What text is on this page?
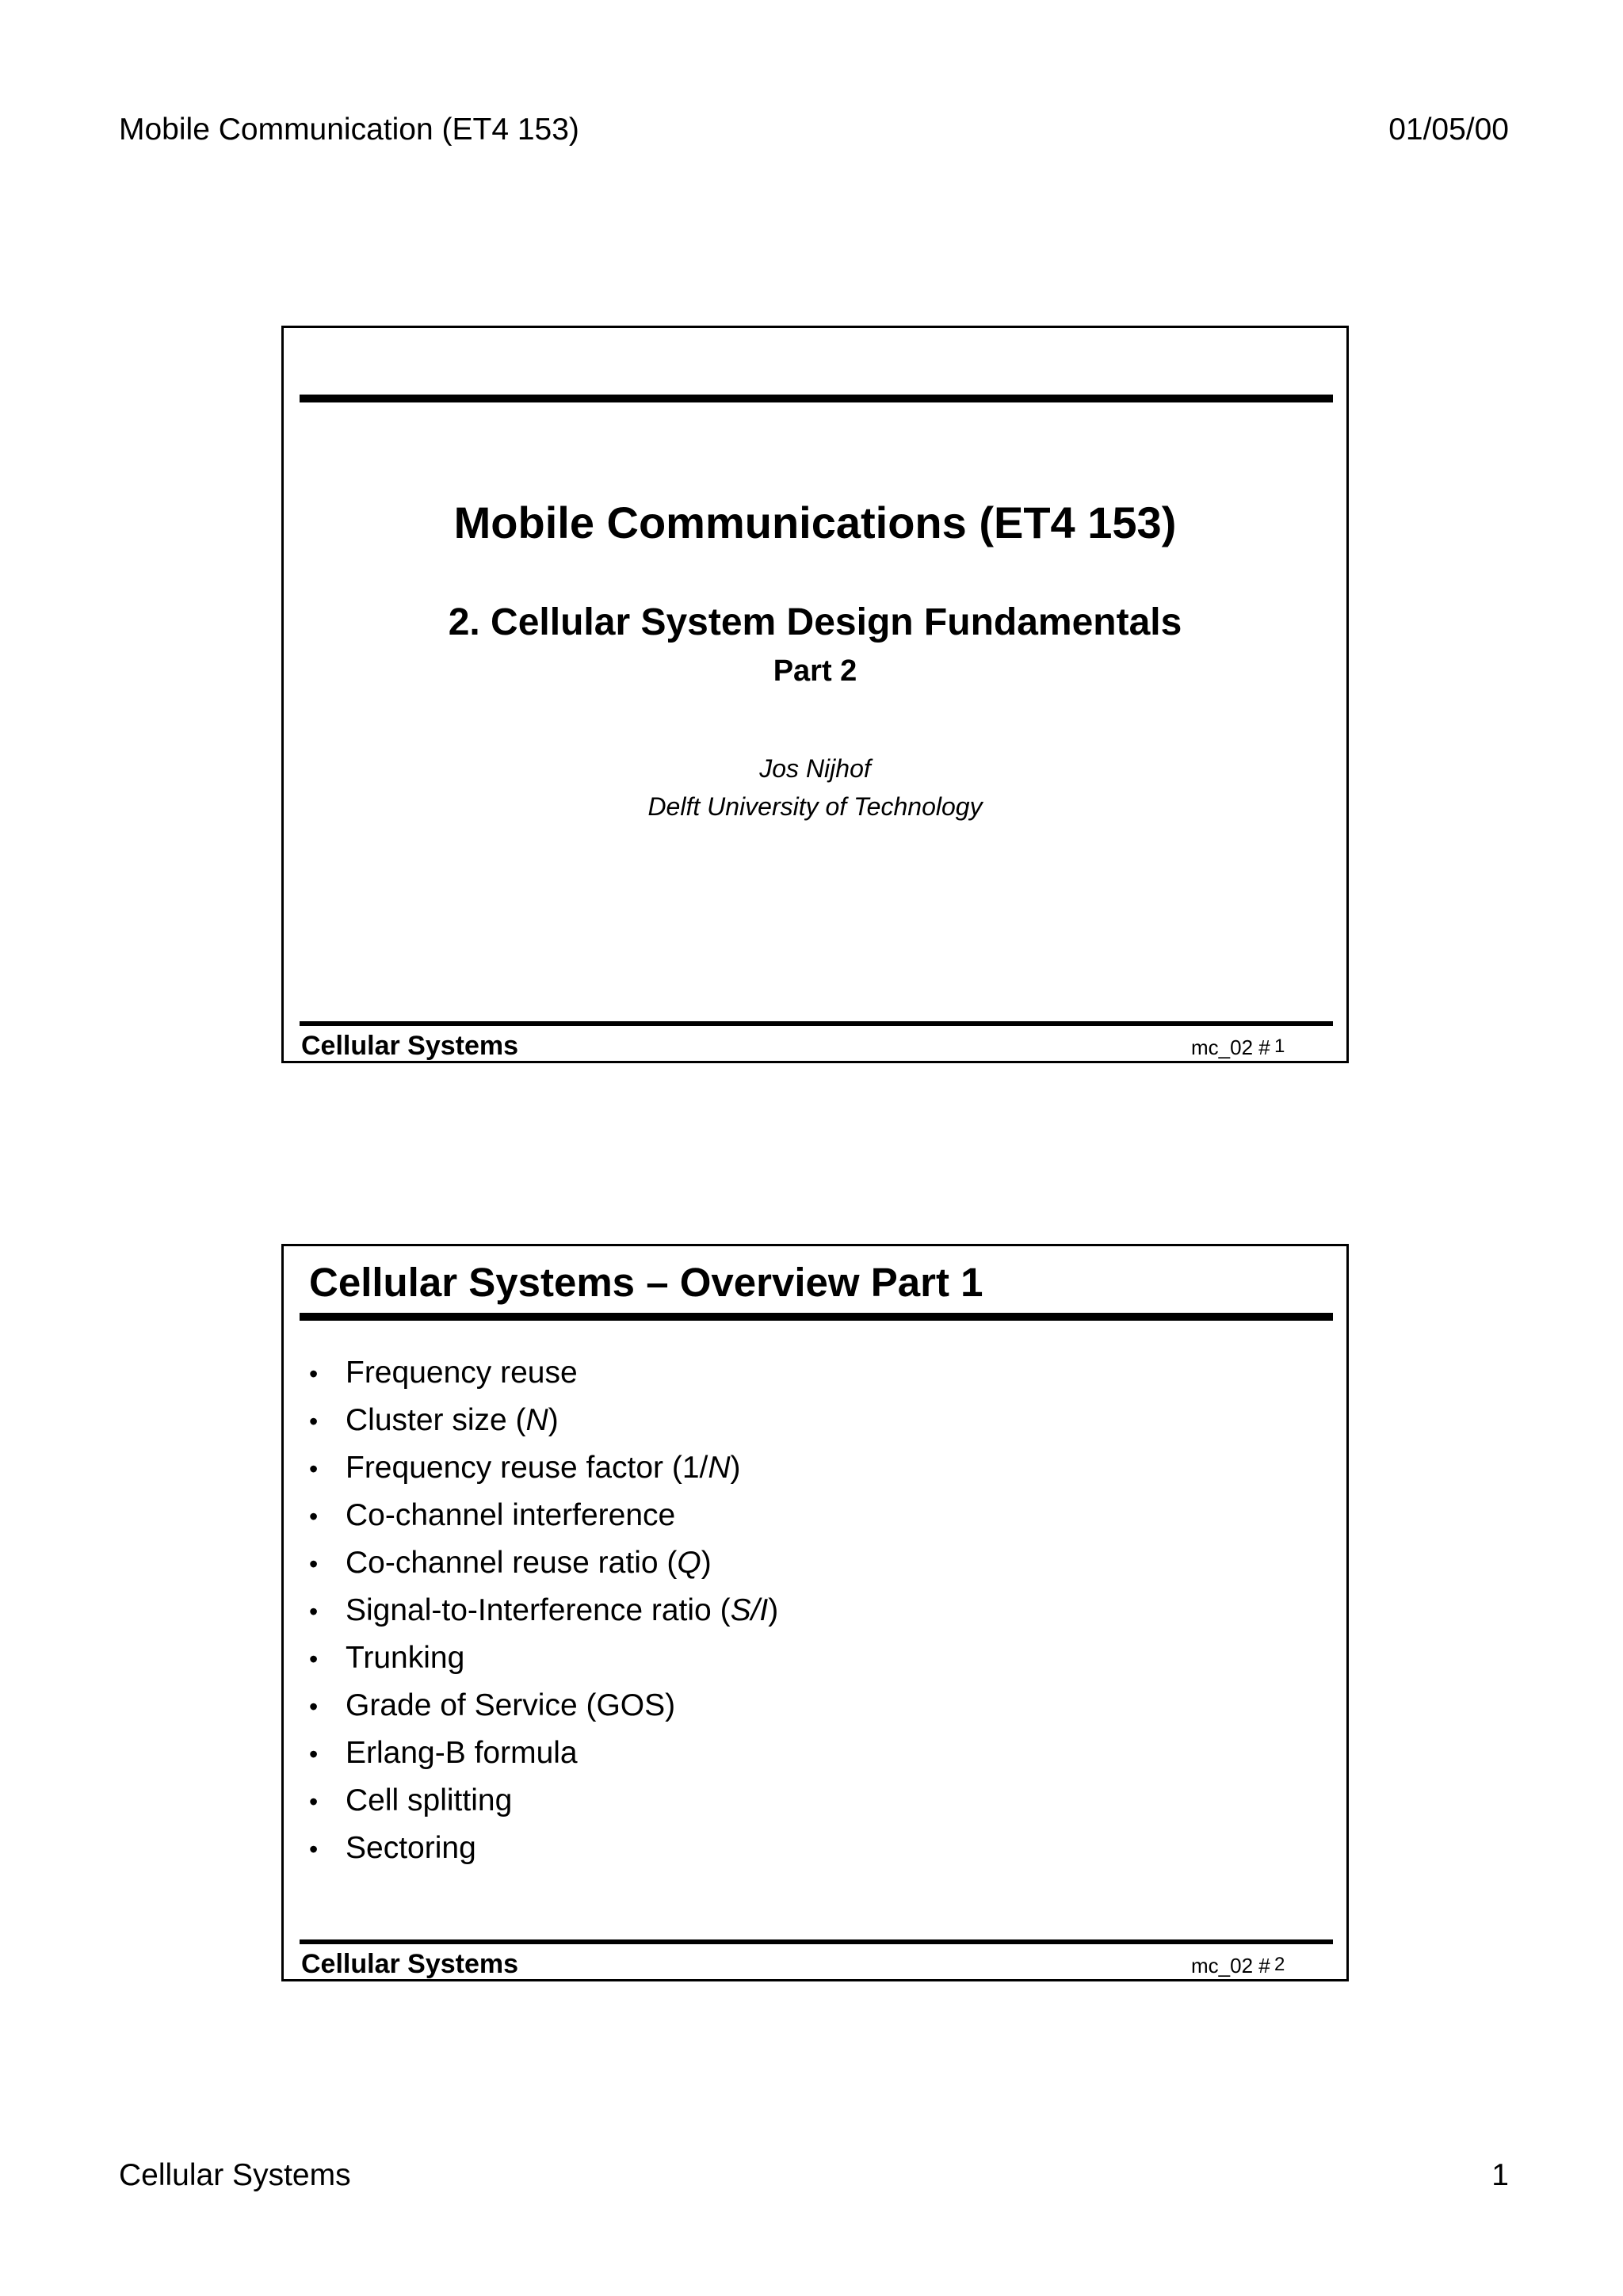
Mobile Communication (ET4 153)	01/05/00
Mobile Communications (ET4 153)
2. Cellular System Design Fundamentals
Part 2
Jos Nijhof
Delft University of Technology
Cellular Systems	mc_02 # 1
Cellular Systems – Overview Part 1
• Frequency reuse
• Cluster size (N)
• Frequency reuse factor (1/N)
• Co-channel interference
• Co-channel reuse ratio (Q)
• Signal-to-Interference ratio (S/I)
• Trunking
• Grade of Service (GOS)
• Erlang-B formula
• Cell splitting
• Sectoring
Cellular Systems	mc_02 # 2
Cellular Systems	1
